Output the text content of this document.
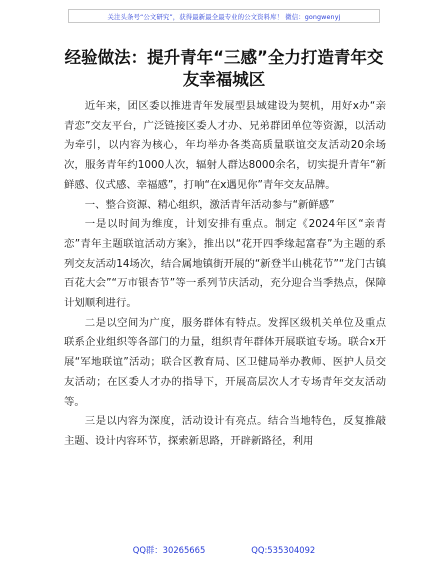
关注头条号“公文研究”，获得最新最全最专业的公文资料库！ 微信：gongwenyj
经验做法：提升青年“三感”全力打造青年交
友幸福城区

近年来，团区委以推进青年发展型县域建设为契机，用好x办“亲青恋”交友平台，广泛链接区委人才办、兄弟群团单位等资源，以活动为牵引，以内容为核心，年均举办各类高质量联谊交友活动20余场次，服务青年约1000人次，辐射人群达8000余名，切实提升青年“新鲜感、仪式感、幸福感”，打响“在x遇见你”青年交友品牌。

一、整合资源、精心组织，激活青年活动参与“新鲜感”

一是以时间为维度，计划安排有重点。制定《2024年区“亲青恋”青年主题联谊活动方案》，推出以“花开四季缘起富春”为主题的系列交友活动14场次，结合属地镇街开展的“新登半山桃花节”“龙门古镇百花大会”“万市银杏节”等一系列节庆活动，充分迎合当季热点，保障计划顺利进行。

二是以空间为广度，服务群体有特点。发挥区级机关单位及重点联系企业组织等各部门的力量，组织青年群体开展联谊专场。联合x开展“军地联谊”活动；联合区教育局、区卫健局举办教师、医护人员交友活动；在区委人才办的指导下，开展高层次人才专场青年交友活动等。

三是以内容为深度，活动设计有亮点。结合当地特色，反复推敲主题、设计内容环节，探索新思路，开辟新路径，利用

QQ群：30265665	QQ:535304092
